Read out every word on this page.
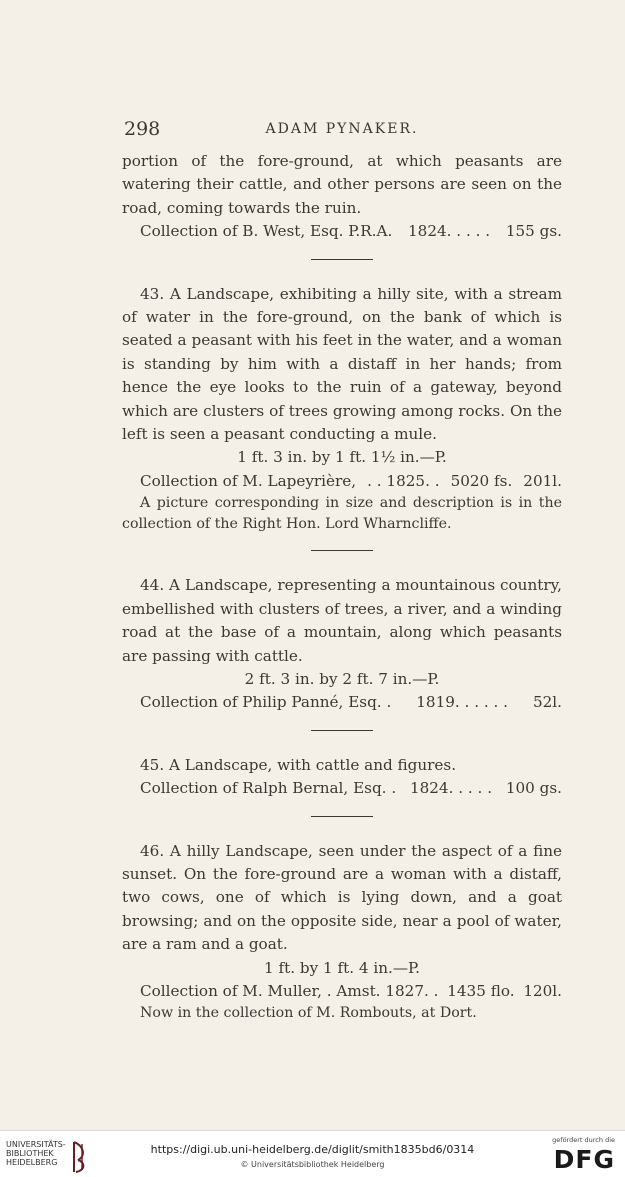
298	ADAM PYNAKER.

portion of the fore-ground, at which peasants are watering their cattle, and other persons are seen on the road, coming towards the ruin.

Collection of B. West, Esq. P.R.A. 1824. . . . . 155 gs.

43. A Landscape, exhibiting a hilly site, with a stream of water in the fore-ground, on the bank of which is seated a peasant with his feet in the water, and a woman is standing by him with a distaff in her hands; from hence the eye looks to the ruin of a gateway, beyond which are clusters of trees growing among rocks. On the left is seen a peasant conducting a mule.

1 ft. 3 in. by 1 ft. 1½ in.—P.

Collection of M. Lapeyrière, . . 1825. . 5020 fs. 201l.

A picture corresponding in size and description is in the collection of the Right Hon. Lord Wharncliffe.

44. A Landscape, representing a mountainous country, embellished with clusters of trees, a river, and a winding road at the base of a mountain, along which peasants are passing with cattle.

2 ft. 3 in. by 2 ft. 7 in.—P.

Collection of Philip Panné, Esq. . 1819. . . . . . 52l.

45. A Landscape, with cattle and figures.

Collection of Ralph Bernal, Esq. . 1824. . . . . 100 gs.

46. A hilly Landscape, seen under the aspect of a fine sunset. On the fore-ground are a woman with a distaff, two cows, one of which is lying down, and a goat browsing; and on the opposite side, near a pool of water, are a ram and a goat.

1 ft. by 1 ft. 4 in.—P.

Collection of M. Muller, . Amst. 1827. . 1435 flo. 120l.

Now in the collection of M. Rombouts, at Dort.

UNIVERSITÄTS-
BIBLIOTHEK
HEIDELBERG
https://digi.ub.uni-heidelberg.de/diglit/smith1835bd6/0314
© Universitätsbibliothek Heidelberg
gefördert durch die
DFG
